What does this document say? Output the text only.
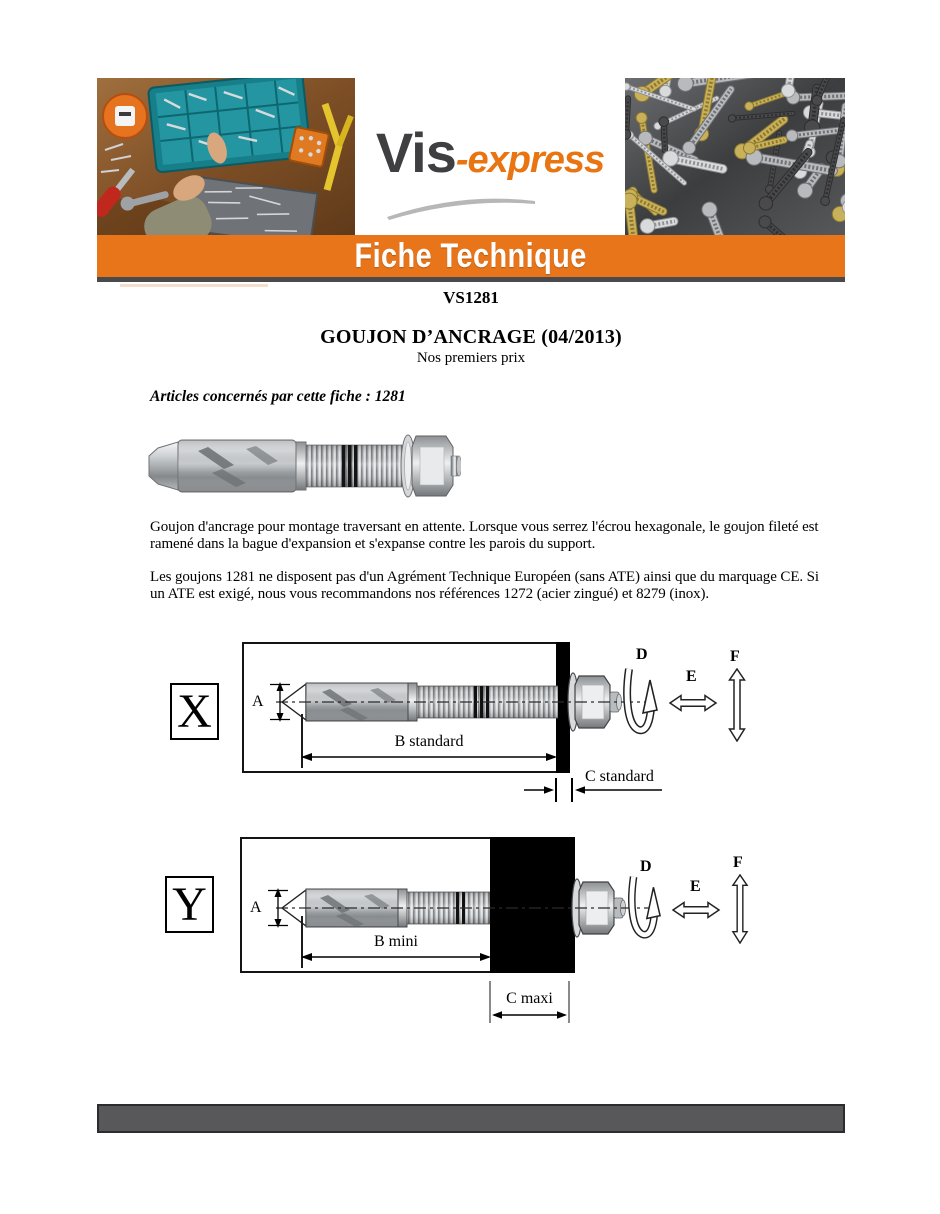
Vis-express
Fiche Technique
VS1281
GOUJON D’ANCRAGE (04/2013)
Nos premiers prix
Articles concernés par cette fiche : 1281
Goujon d'ancrage pour montage traversant en attente. Lorsque vous serrez l'écrou hexagonale, le goujon fileté est ramené dans la bague d'expansion et s'expanse contre les parois du support.
Les goujons 1281 ne disposent pas d'un Agrément Technique Européen (sans ATE) ainsi que du marquage CE. Si un ATE est exigé, nous vous recommandons nos références 1272 (acier zingué) et 8279 (inox).
X	A
B standard
C standard
D
E
F
Y	A
B mini
C maxi
D
E
F
